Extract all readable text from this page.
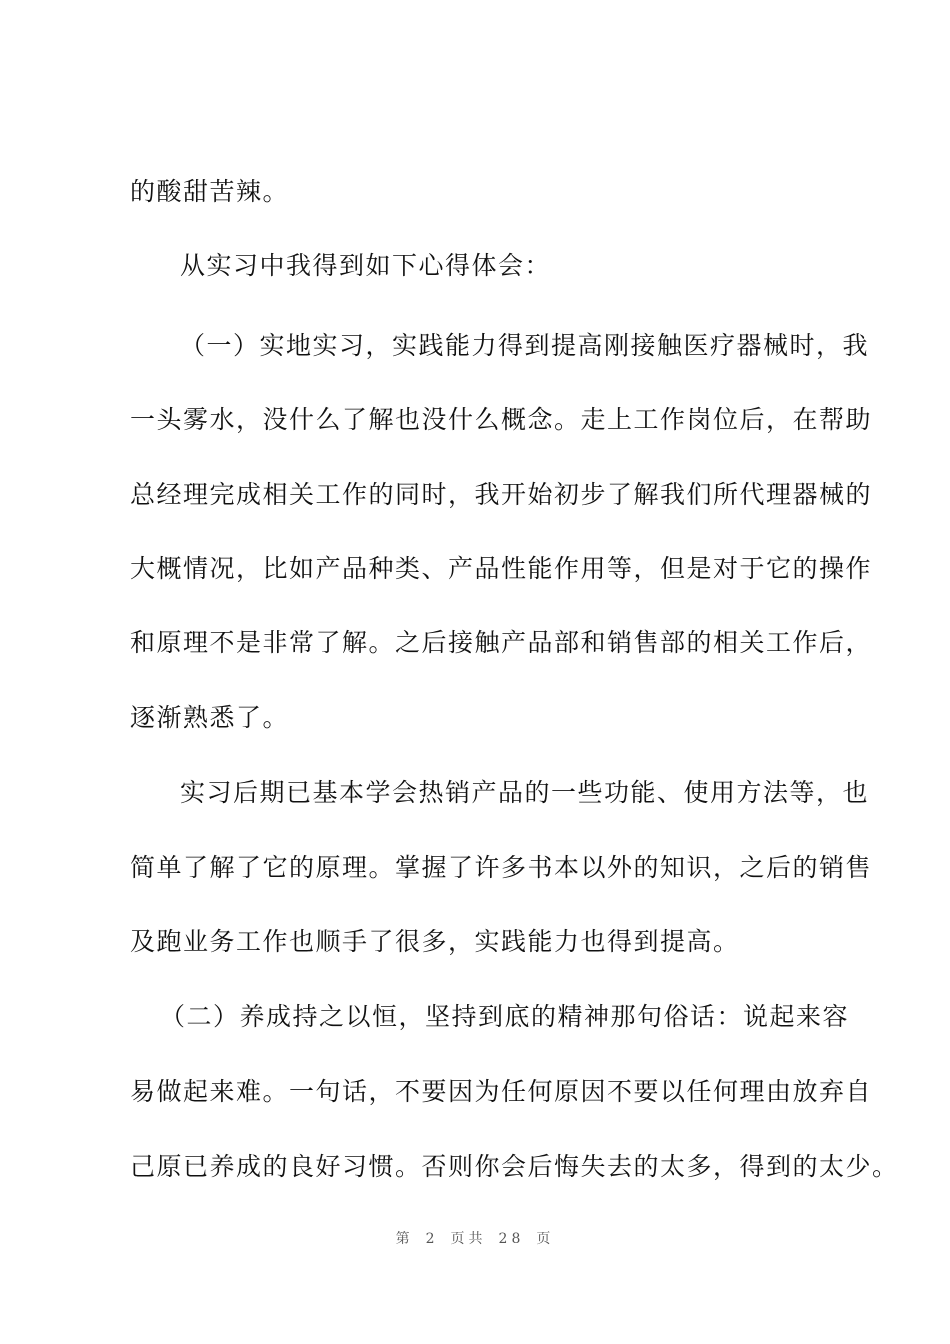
的酸甜苦辣。
从实习中我得到如下心得体会：
（一）实地实习，实践能力得到提高刚接触医疗器械时，我
一头雾水，没什么了解也没什么概念。走上工作岗位后，在帮助
总经理完成相关工作的同时，我开始初步了解我们所代理器械的
大概情况，比如产品种类、产品性能作用等，但是对于它的操作
和原理不是非常了解。之后接触产品部和销售部的相关工作后，
逐渐熟悉了。
实习后期已基本学会热销产品的一些功能、使用方法等，也
简单了解了它的原理。掌握了许多书本以外的知识，之后的销售
及跑业务工作也顺手了很多，实践能力也得到提高。
（二）养成持之以恒，坚持到底的精神那句俗话：说起来容
易做起来难。一句话，不要因为任何原因不要以任何理由放弃自
己原已养成的良好习惯。否则你会后悔失去的太多，得到的太少。
第 2 页共 28 页
